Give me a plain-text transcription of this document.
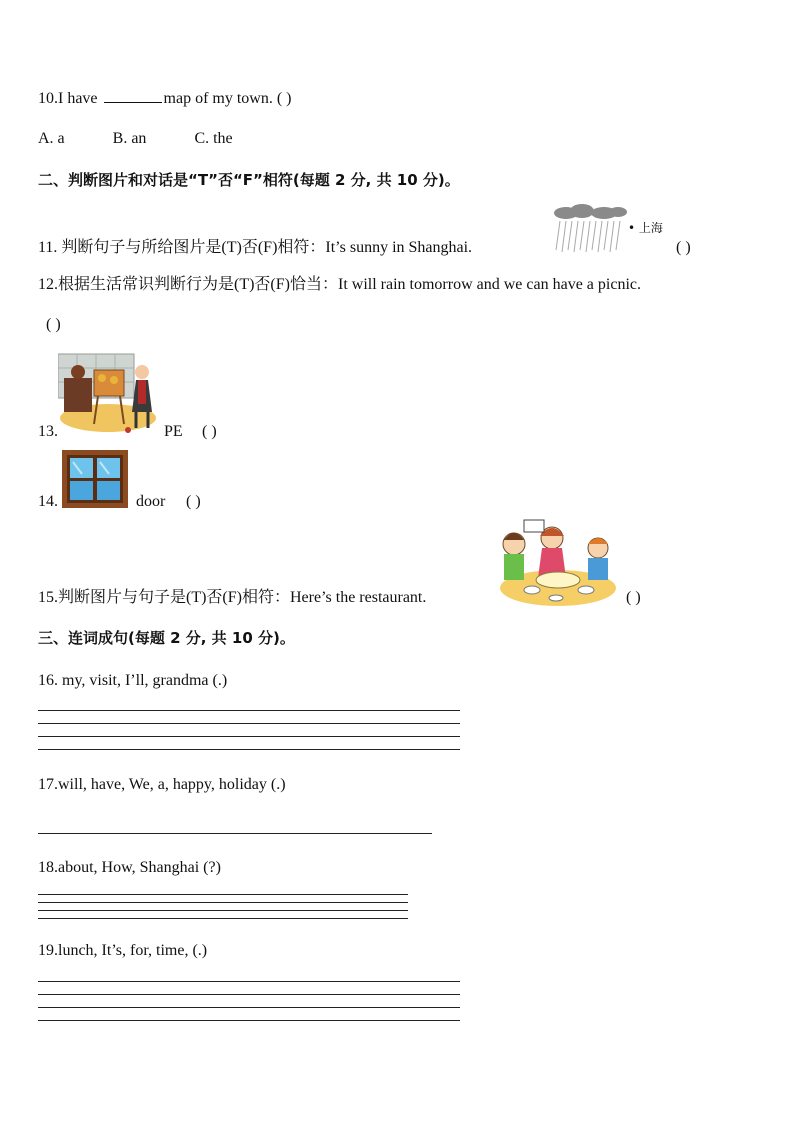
10.I have	map of my town. ( )
A. a	B. an	C. the
二、判断图片和对话是“T”否“F”相符(每题 2 分, 共 10 分)。
11. 判断句子与所给图片是(T)否(F)相符：It’s sunny in Shanghai.
• 上海
( )
12.根据生活常识判断行为是(T)否(F)恰当：It will rain tomorrow and we can have a picnic.
( )
13.	PE ( )
14.	door ( )
15.判断图片与句子是(T)否(F)相符：Here’s the restaurant.	( )
三、连词成句(每题 2 分, 共 10 分)。
16. my, visit, I’ll, grandma (.)
17.will, have, We, a, happy, holiday (.)
18.about, How, Shanghai (?)
19.lunch, It’s, for, time, (.)
